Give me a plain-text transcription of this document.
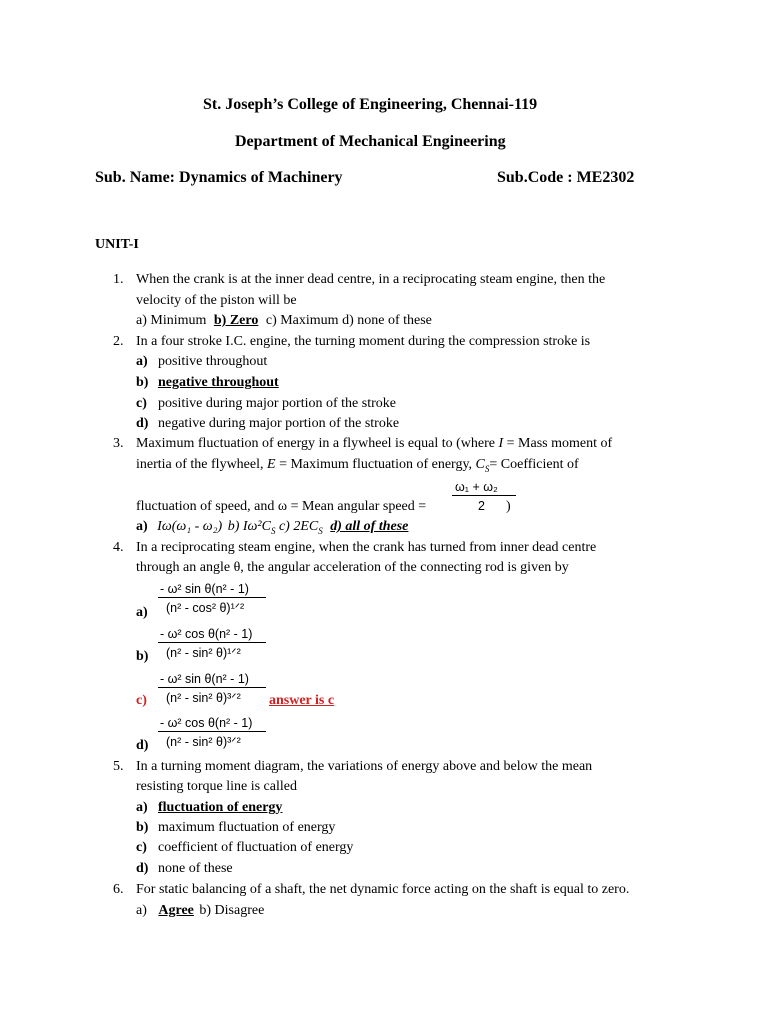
St. Joseph’s College of Engineering, Chennai-119
Department of Mechanical Engineering
Sub. Name: Dynamics of Machinery	Sub.Code : ME2302
UNIT-I
1. When the crank is at the inner dead centre, in a reciprocating steam engine, then the
velocity of the piston will be
a) Minimum b) Zero c) Maximum d) none of these
2. In a four stroke I.C. engine, the turning moment during the compression stroke is
a) positive throughout
b) negative throughout
c) positive during major portion of the stroke
d) negative during major portion of the stroke
3. Maximum fluctuation of energy in a flywheel is equal to (where I = Mass moment of
inertia of the flywheel, E = Maximum fluctuation of energy, $C_S=$ Coefficient of
ω₁ + ω₂
2
fluctuation of speed, and ω = Mean angular speed =	)
a) Iω(ω₁ - ω₂) b) $I\omega^2C_S$ c) $2EC_S$ d) all of these
4. In a reciprocating steam engine, when the crank has turned from inner dead centre
through an angle θ, the angular acceleration of the connecting rod is given by
- ω² sin θ(n² - 1)
(n² - cos² θ)¹ᐟ²
a)
- ω² cos θ(n² - 1)
(n² - sin² θ)¹ᐟ²
b)
- ω² sin θ(n² - 1)
(n² - sin² θ)³ᐟ²
c)	answer is c
- ω² cos θ(n² - 1)
(n² - sin² θ)³ᐟ²
d)
5. In a turning moment diagram, the variations of energy above and below the mean
resisting torque line is called
a) fluctuation of energy
b) maximum fluctuation of energy
c) coefficient of fluctuation of energy
d) none of these
6. For static balancing of a shaft, the net dynamic force acting on the shaft is equal to zero.
a) Agree b) Disagree
